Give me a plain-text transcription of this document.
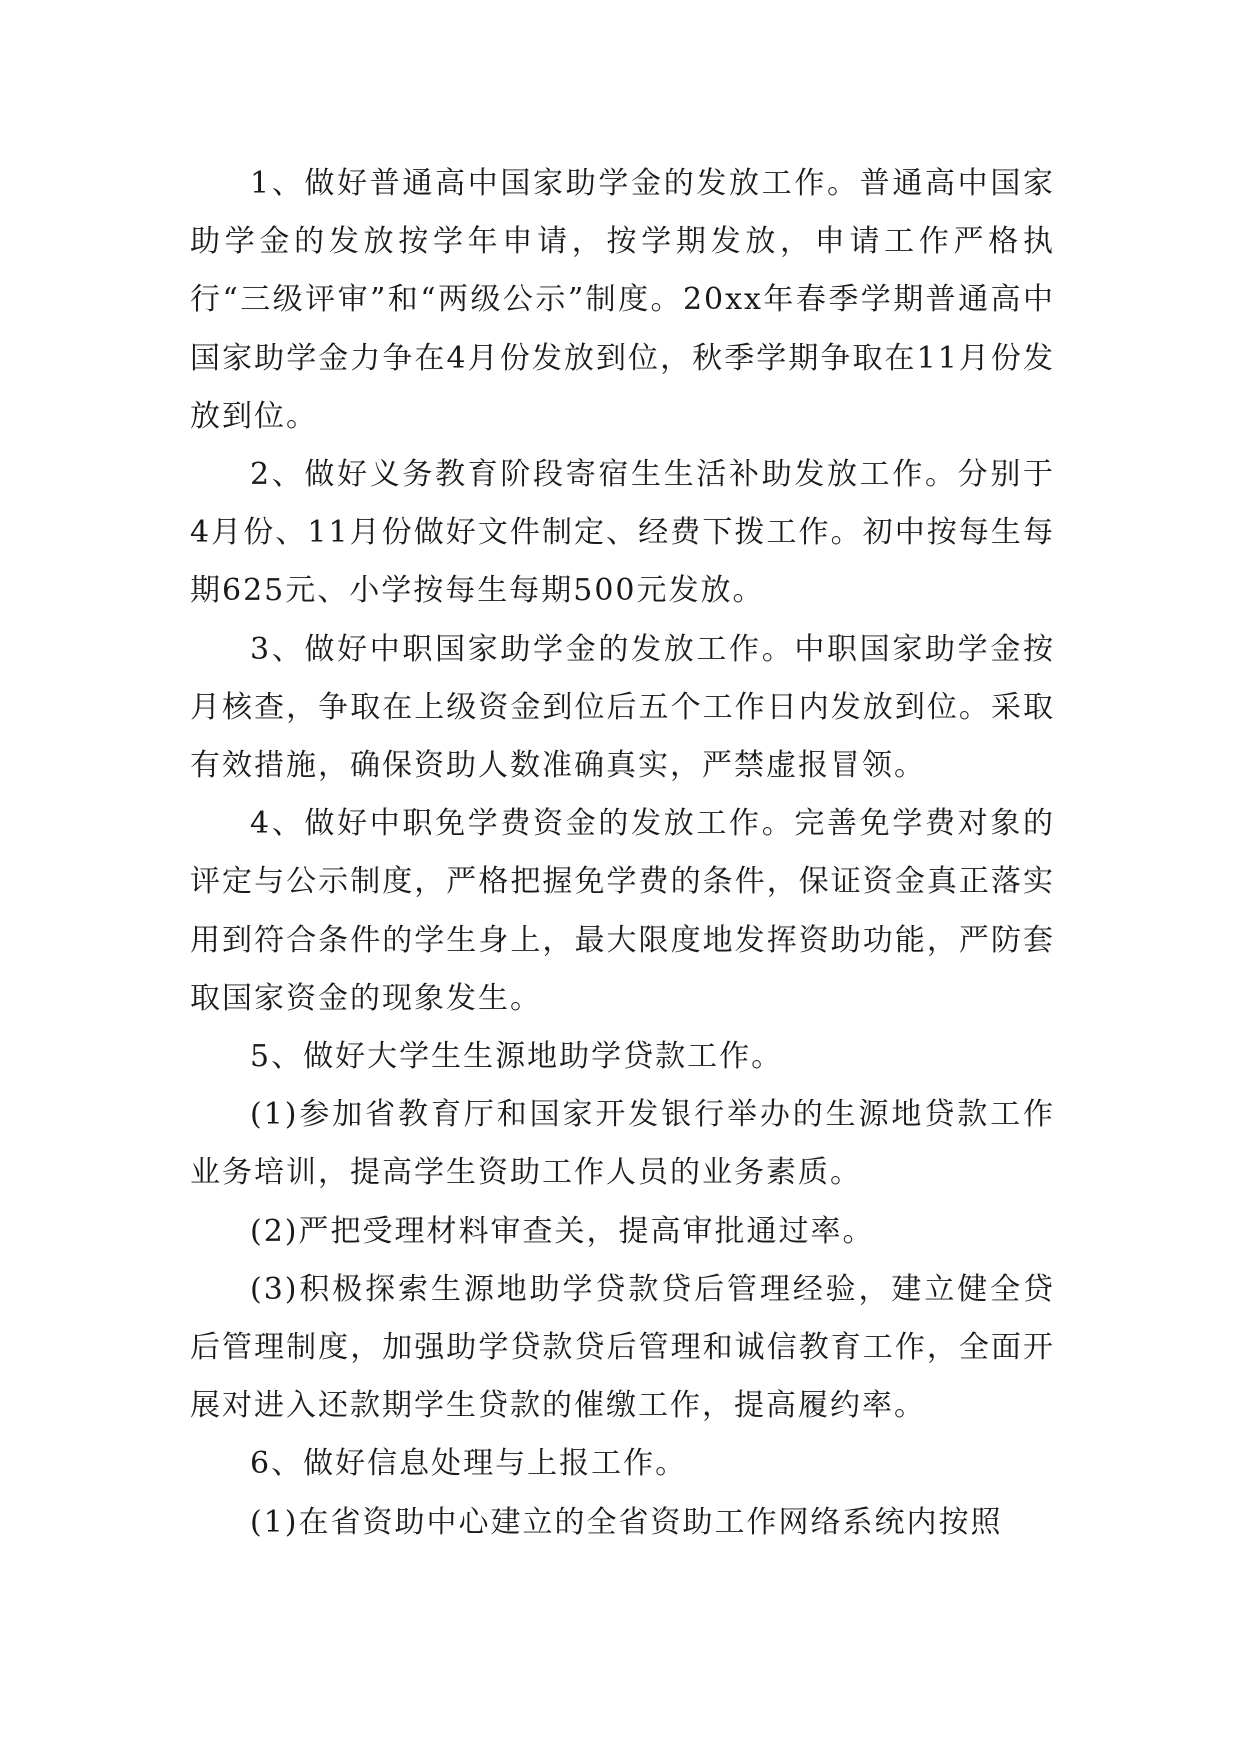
1、做好普通高中国家助学金的发放工作。普通高中国家助学金的发放按学年申请，按学期发放，申请工作严格执行“三级评审”和“两级公示”制度。20xx年春季学期普通高中国家助学金力争在4月份发放到位，秋季学期争取在11月份发放到位。

2、做好义务教育阶段寄宿生生活补助发放工作。分别于4月份、11月份做好文件制定、经费下拨工作。初中按每生每期625元、小学按每生每期500元发放。

3、做好中职国家助学金的发放工作。中职国家助学金按月核查，争取在上级资金到位后五个工作日内发放到位。采取有效措施，确保资助人数准确真实，严禁虚报冒领。

4、做好中职免学费资金的发放工作。完善免学费对象的评定与公示制度，严格把握免学费的条件，保证资金真正落实用到符合条件的学生身上，最大限度地发挥资助功能，严防套取国家资金的现象发生。

5、做好大学生生源地助学贷款工作。

(1)参加省教育厅和国家开发银行举办的生源地贷款工作业务培训，提高学生资助工作人员的业务素质。

(2)严把受理材料审查关，提高审批通过率。

(3)积极探索生源地助学贷款贷后管理经验，建立健全贷后管理制度，加强助学贷款贷后管理和诚信教育工作，全面开展对进入还款期学生贷款的催缴工作，提高履约率。

6、做好信息处理与上报工作。

(1)在省资助中心建立的全省资助工作网络系统内按照
